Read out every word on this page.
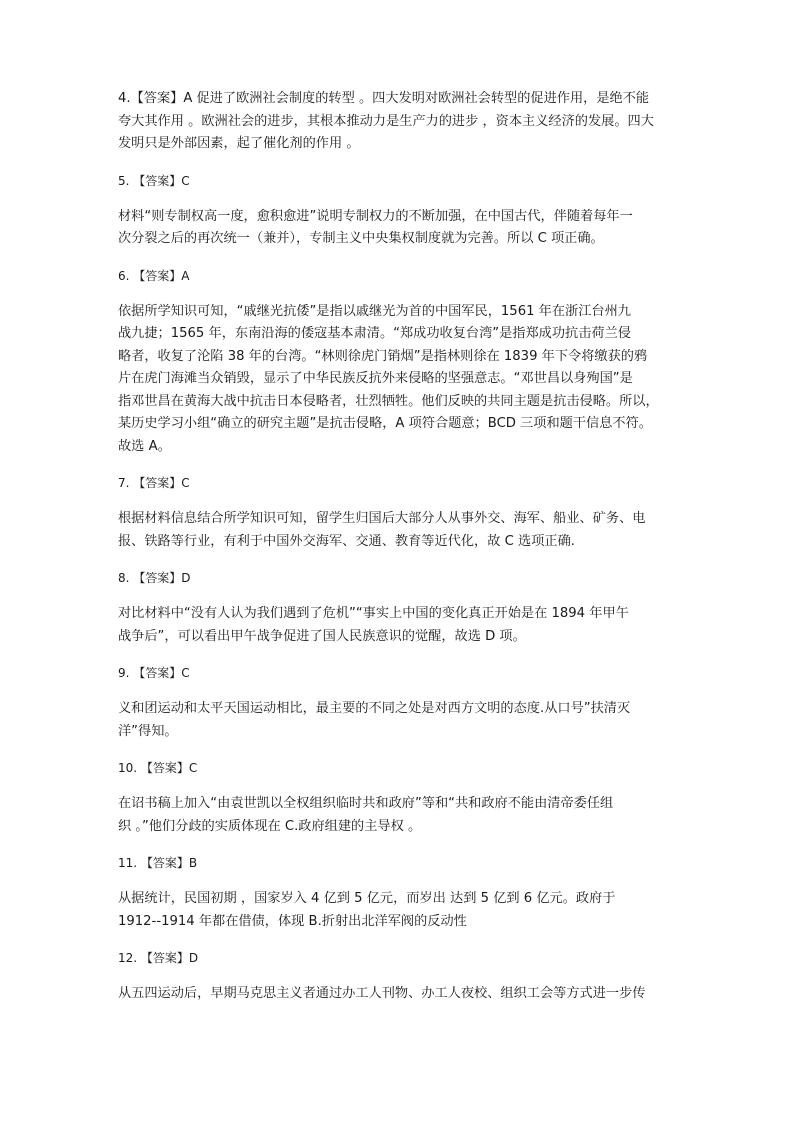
4.【答案】A 促进了欧洲社会制度的转型 。四大发明对欧洲社会转型的促进作用，是绝不能
夸大其作用 。欧洲社会的进步，其根本推动力是生产力的进步 ，资本主义经济的发展。四大
发明只是外部因素，起了催化剂的作用 。

5. 【答案】C

材料“则专制权高一度，愈积愈进”说明专制权力的不断加强，在中国古代，伴随着每年一
次分裂之后的再次统一（兼并），专制主义中央集权制度就为完善。所以 C 项正确。

6. 【答案】A

依据所学知识可知，“戚继光抗倭”是指以戚继光为首的中国军民，1561 年在浙江台州九
战九捷；1565 年，东南沿海的倭寇基本肃清。“郑成功收复台湾”是指郑成功抗击荷兰侵
略者，收复了沦陷 38 年的台湾。“林则徐虎门销烟”是指林则徐在 1839 年下令将缴获的鸦
片在虎门海滩当众销毁，显示了中华民族反抗外来侵略的坚强意志。“邓世昌以身殉国”是
指邓世昌在黄海大战中抗击日本侵略者，壮烈牺牲。他们反映的共同主题是抗击侵略。所以，
某历史学习小组“确立的研究主题”是抗击侵略，A 项符合题意；BCD 三项和题干信息不符。
故选 A。

7. 【答案】C

根据材料信息结合所学知识可知，留学生归国后大部分人从事外交、海军、船业、矿务、电
报、铁路等行业，有利于中国外交海军、交通、教育等近代化，故 C 选项正确.

8. 【答案】D

对比材料中“没有人认为我们遇到了危机”“事实上中国的变化真正开始是在 1894 年甲午
战争后”，可以看出甲午战争促进了国人民族意识的觉醒，故选 D 项。

9. 【答案】C

义和团运动和太平天国运动相比，最主要的不同之处是对西方文明的态度.从口号”扶清灭
洋”得知。

10. 【答案】C

在诏书稿上加入“由袁世凯以全权组织临时共和政府”等和“共和政府不能由清帝委任组
织 。”他们分歧的实质体现在 C.政府组建的主导权 。

11. 【答案】B

从据统计，民国初期 ，国家岁入 4 亿到 5 亿元，而岁出 达到 5 亿到 6 亿元。政府于
1912--1914 年都在借债，体现 B.折射出北洋军阀的反动性

12. 【答案】D

从五四运动后，早期马克思主义者通过办工人刊物、办工人夜校、组织工会等方式进一步传
